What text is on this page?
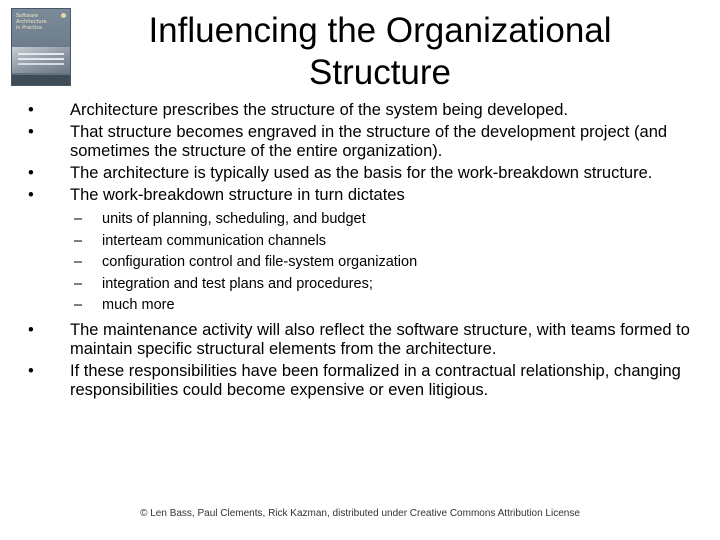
Software
Architecture
in Practice	Influencing the Organizational Structure
• Architecture prescribes the structure of the system being developed.
• That structure becomes engraved in the structure of the development project (and sometimes the structure of the entire organization).
• The architecture is typically used as the basis for the work-breakdown structure.
• The work-breakdown structure in turn dictates
– units of planning, scheduling, and budget
– interteam communication channels
– configuration control and file-system organization
– integration and test plans and procedures;
– much more
• The maintenance activity will also reflect the software structure, with teams formed to maintain specific structural elements from the architecture.
• If these responsibilities have been formalized in a contractual relationship, changing responsibilities could become expensive or even litigious.
© Len Bass, Paul Clements, Rick Kazman, distributed under Creative Commons Attribution License
